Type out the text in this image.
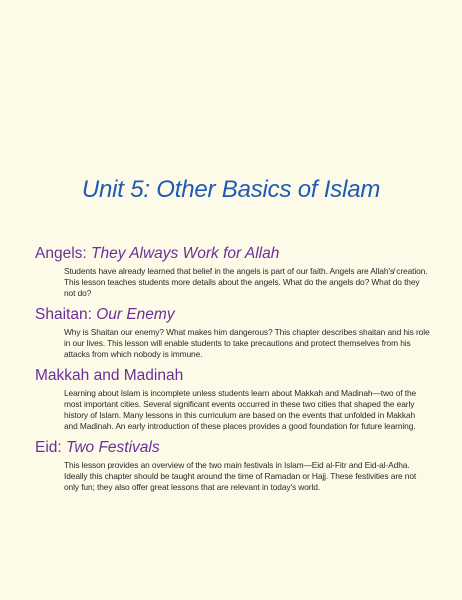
Unit 5: Other Basics of Islam
Angels: They Always Work for Allah

Students have already learned that belief in the angels is part of our faith. Angels are Allah's̸ creation. This lesson teaches students more details about the angels. What do the angels do? What do they not do?

Shaitan: Our Enemy

Why is Shaitan our enemy? What makes him dangerous? This chapter describes shaitan and his role in our lives. This lesson will enable students to take precautions and protect themselves from his attacks from which nobody is immune.

Makkah and Madinah

Learning about Islam is incomplete unless students learn about Makkah and Madinah—two of the most important cities. Several significant events occurred in these two cities that shaped the early history of Islam. Many lessons in this curriculum are based on the events that unfolded in Makkah and Madinah. An early introduction of these places provides a good foundation for future learning.

Eid: Two Festivals

This lesson provides an overview of the two main festivals in Islam—Eid al-Fitr and Eid-al-Adha. Ideally this chapter should be taught around the time of Ramadan or Hajj. These festivities are not only fun; they also offer great lessons that are relevant in today's world.
